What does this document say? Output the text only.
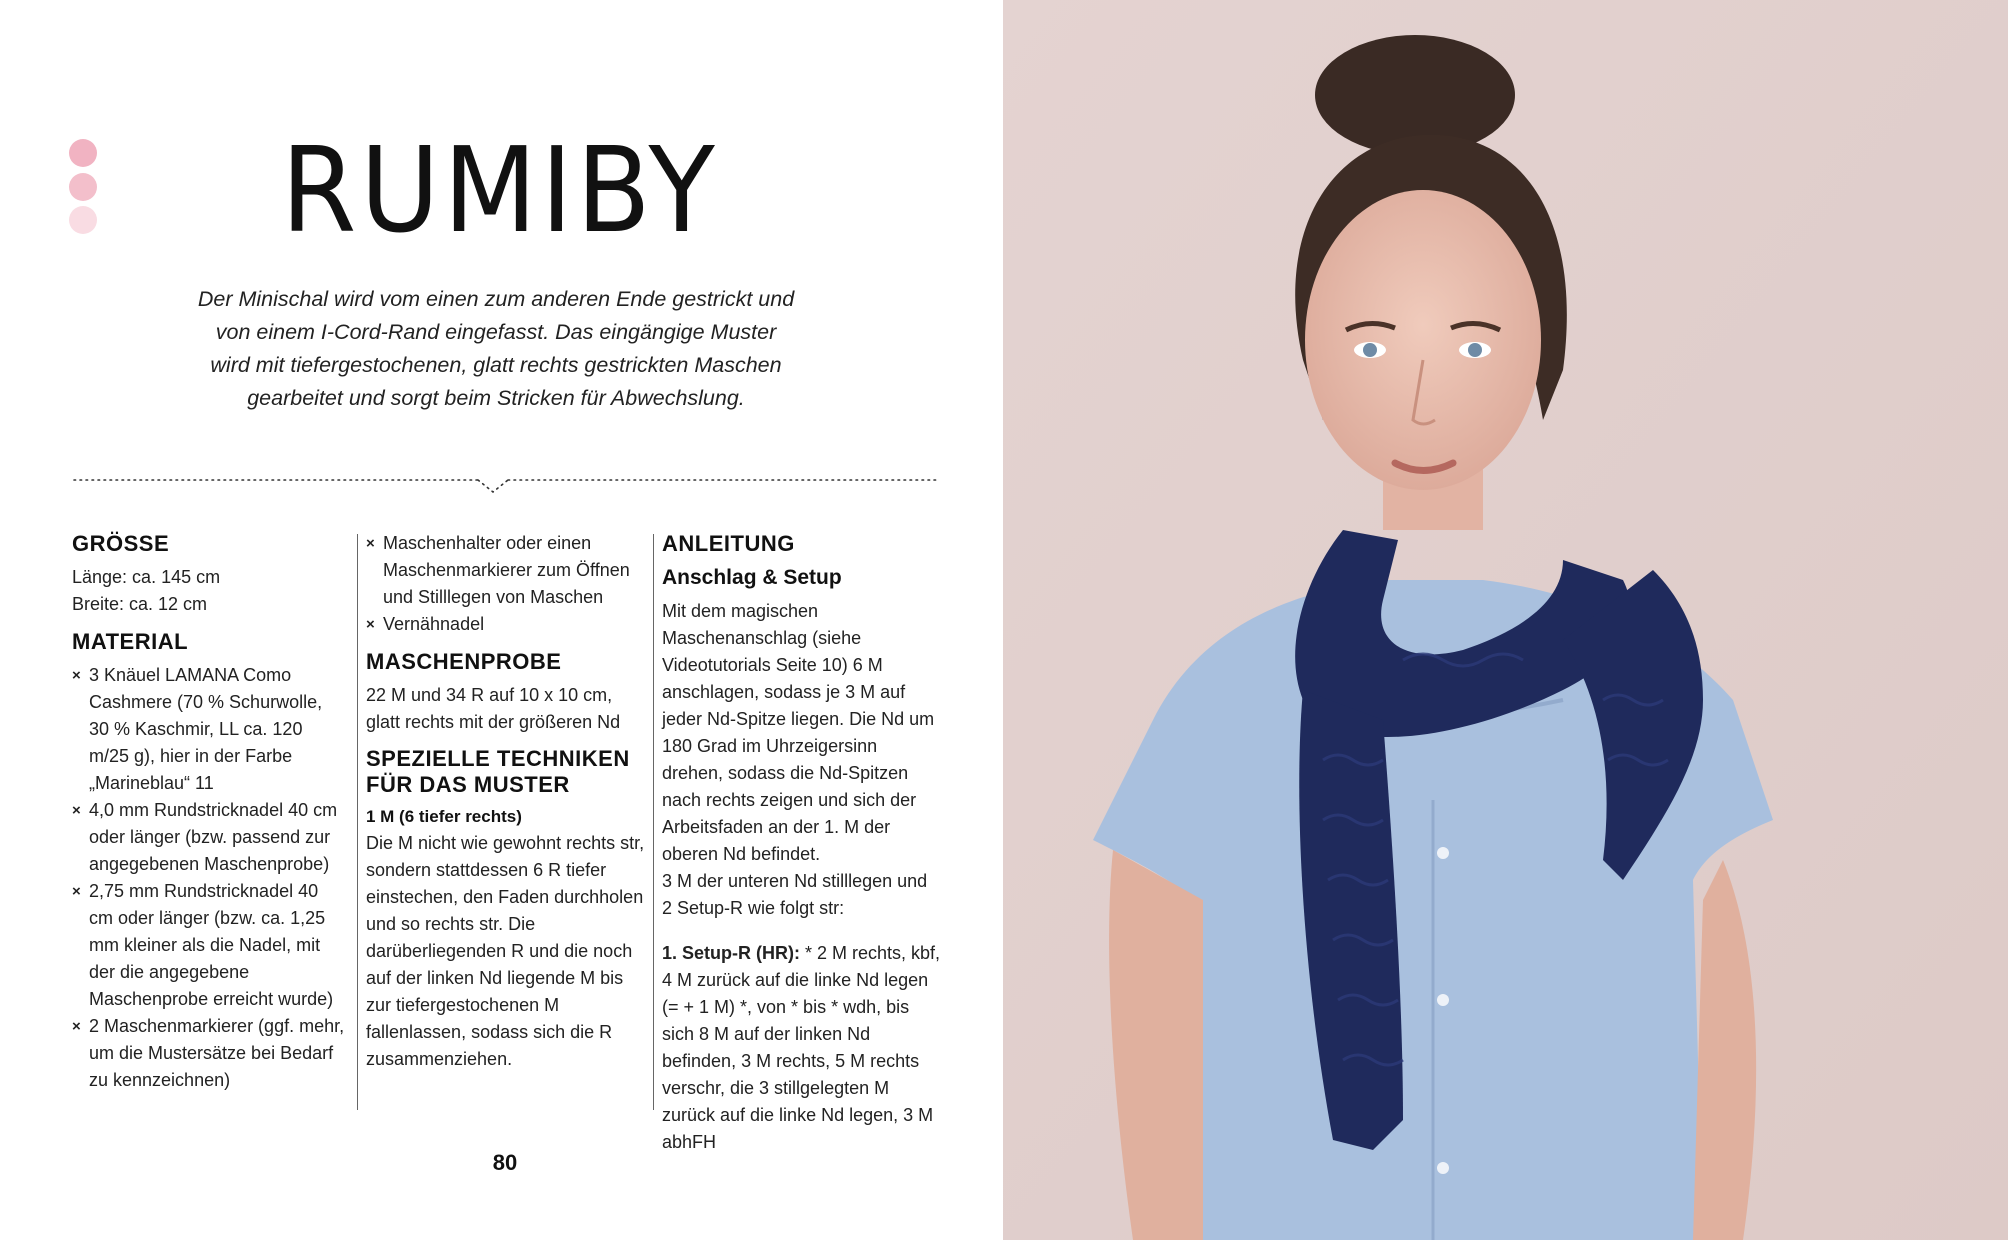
RUMIBY
Der Minischal wird vom einen zum anderen Ende gestrickt und
von einem I-Cord-Rand eingefasst. Das eingängige Muster
wird mit tiefergestochenen, glatt rechts gestrickten Maschen
gearbeitet und sorgt beim Stricken für Abwechslung.
GRÖSSE

Länge: ca. 145 cm

Breite: ca. 12 cm

MATERIAL
× 3 Knäuel LAMANA Como Cashmere (70 % Schurwolle, 30 % Kaschmir, LL ca. 120 m/25 g), hier in der Farbe „Marineblau“ 11
× 4,0 mm Rundstricknadel 40 cm oder länger (bzw. passend zur angegebenen Maschenprobe)
× 2,75 mm Rundstricknadel 40 cm oder länger (bzw. ca. 1,25 mm kleiner als die Nadel, mit der die angegebene Maschenprobe erreicht wurde)
× 2 Maschenmarkierer (ggf. mehr, um die Mustersätze bei Bedarf zu kennzeichnen)
× Maschenhalter oder einen Maschenmarkierer zum Öffnen und Stilllegen von Maschen
× Vernähnadel
MASCHENPROBE

22 M und 34 R auf 10 x 10 cm, glatt rechts mit der größeren Nd

SPEZIELLE TECHNIKEN
FÜR DAS MUSTER
1 M (6 tiefer rechts)

Die M nicht wie gewohnt rechts str, sondern stattdessen 6 R tiefer einstechen, den Faden durchholen und so rechts str. Die darüberliegenden R und die noch auf der linken Nd liegende M bis zur tiefergestochenen M fallenlassen, sodass sich die R zusammenziehen.

ANLEITUNG
Anschlag & Setup

Mit dem magischen Maschenanschlag (siehe Videotutorials Seite 10) 6 M anschlagen, sodass je 3 M auf jeder Nd-Spitze liegen. Die Nd um 180 Grad im Uhrzeigersinn drehen, sodass die Nd-Spitzen nach rechts zeigen und sich der Arbeitsfaden an der 1. M der oberen Nd befindet.

3 M der unteren Nd stilllegen und 2 Setup-R wie folgt str:

1. Setup-R (HR): * 2 M rechts, kbf, 4 M zurück auf die linke Nd legen (= + 1 M) *, von * bis * wdh, bis sich 8 M auf der linken Nd befinden, 3 M rechts, 5 M rechts verschr, die 3 stillgelegten M zurück auf die linke Nd legen, 3 M abhFH

80
